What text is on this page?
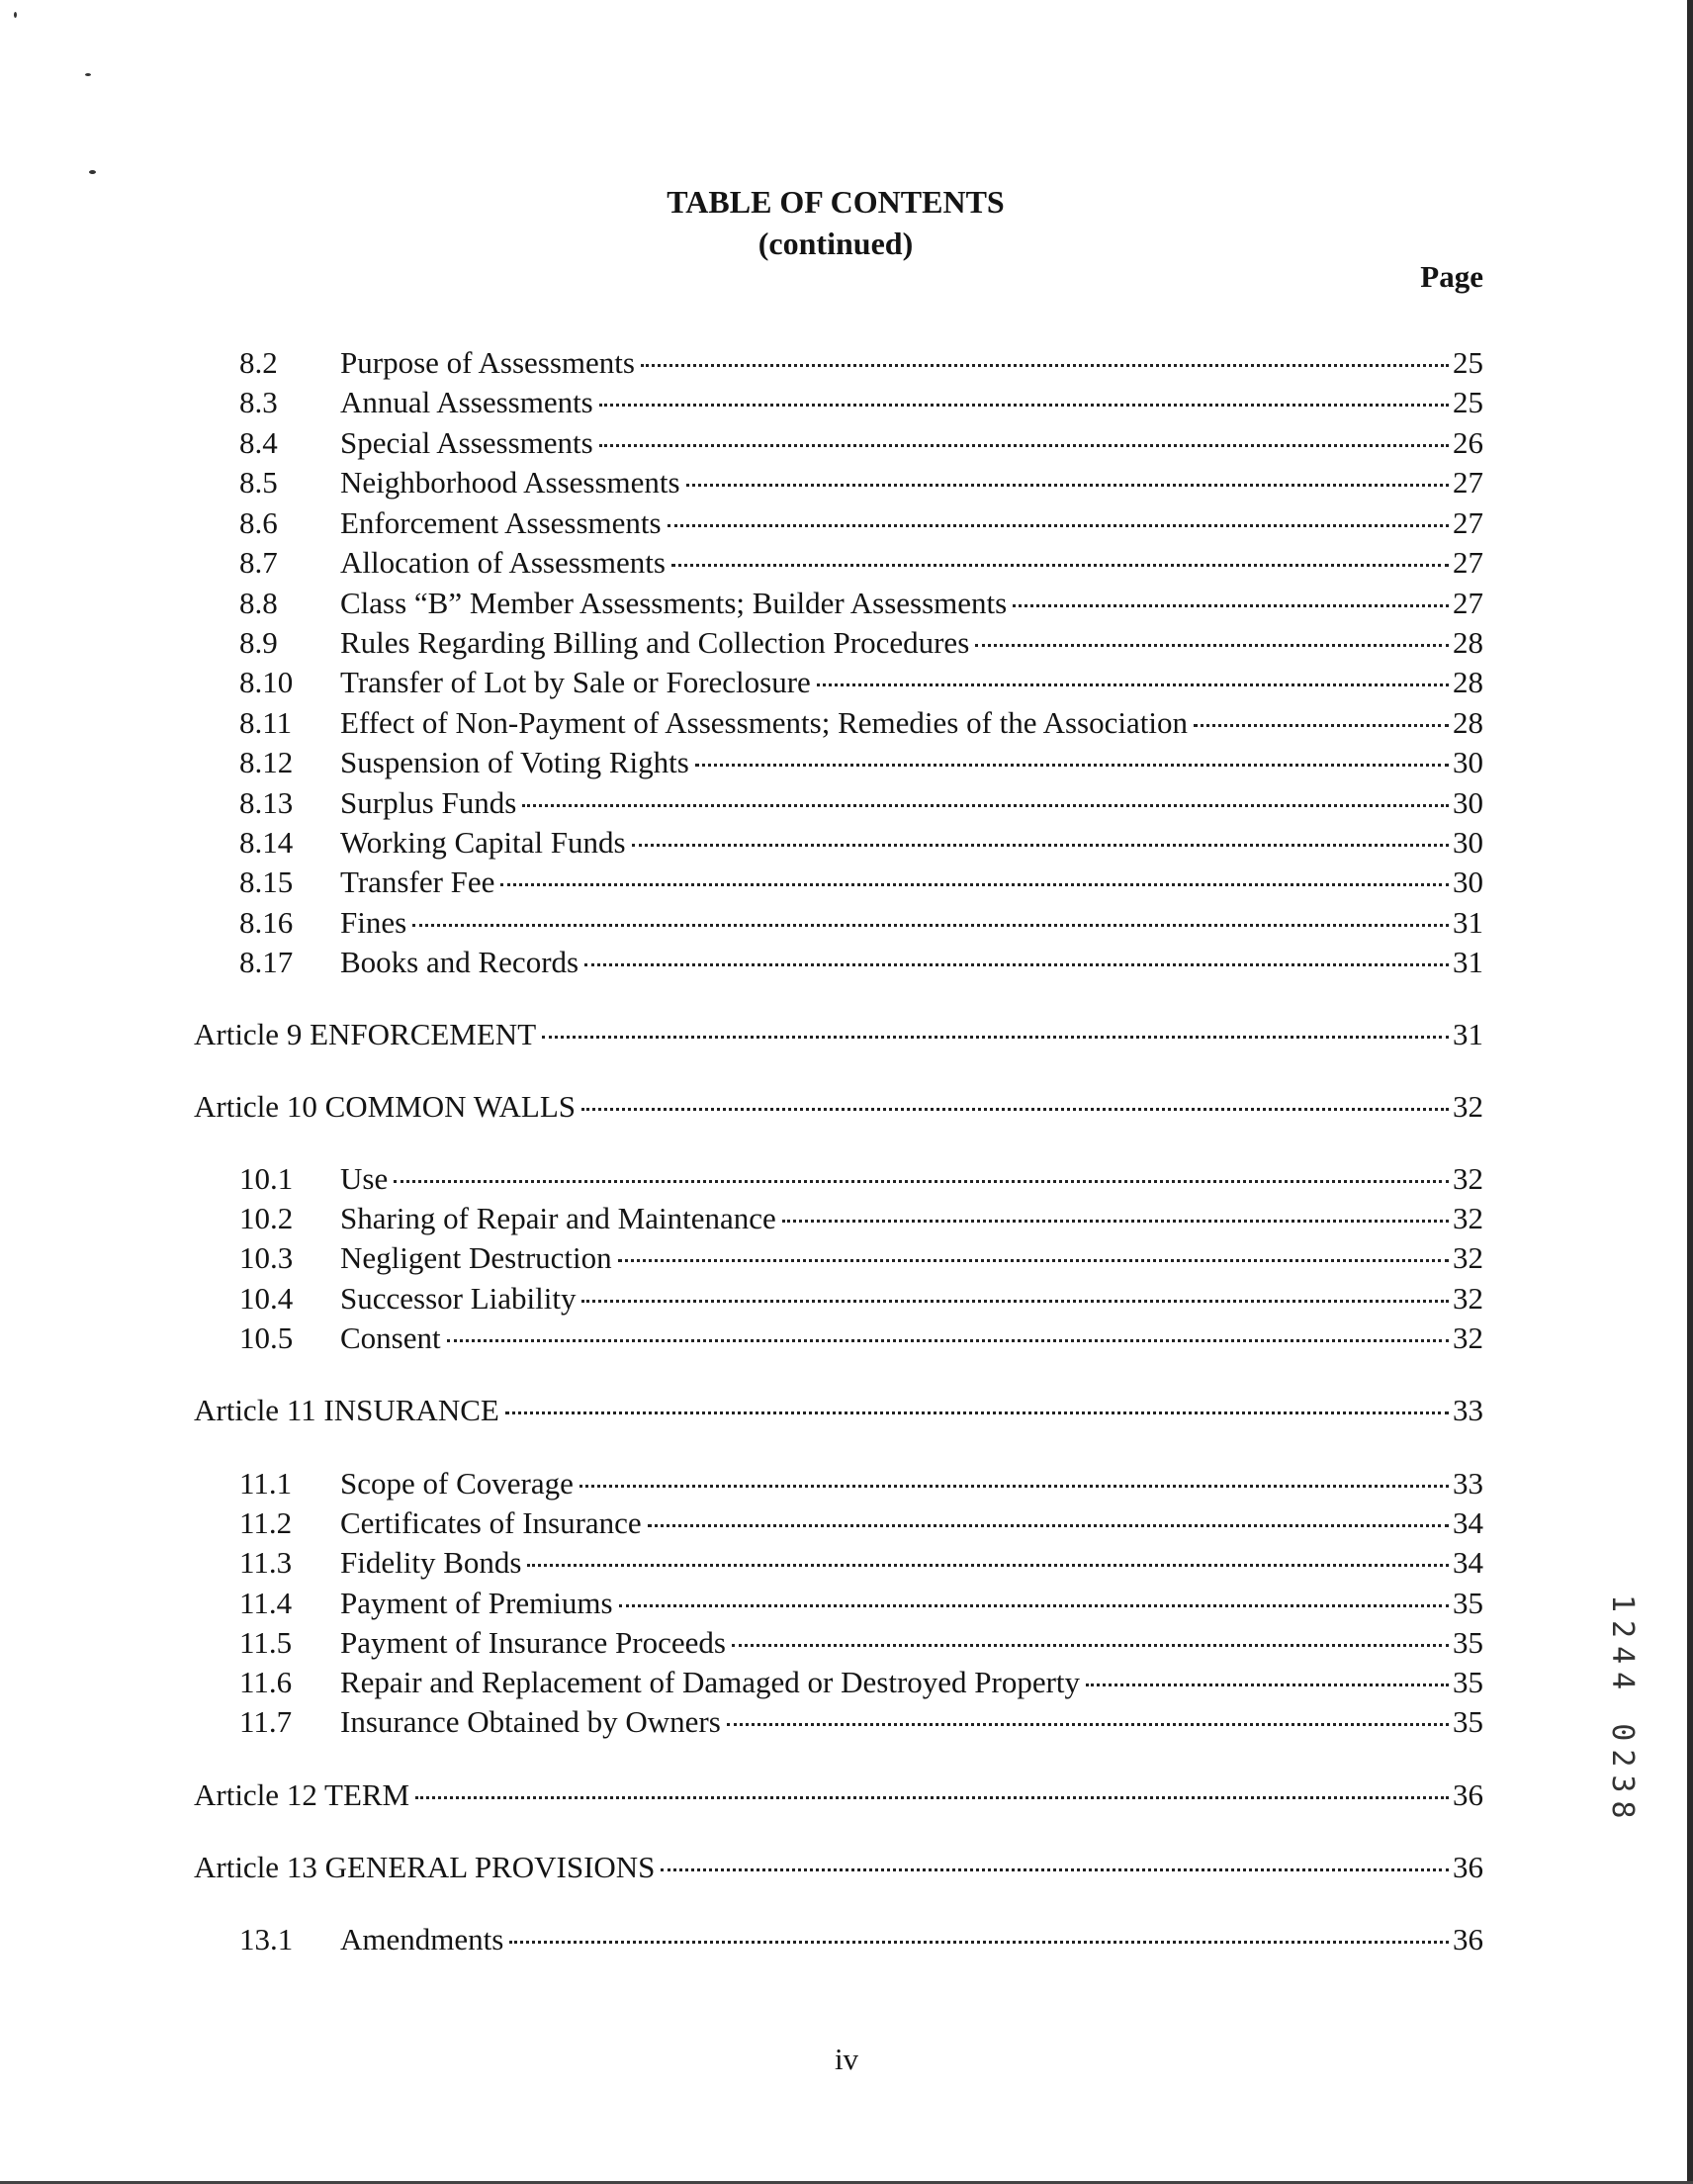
TABLE OF CONTENTS
(continued)
Page
8.2	Purpose of Assessments	25
8.3	Annual Assessments	25
8.4	Special Assessments	26
8.5	Neighborhood Assessments	27
8.6	Enforcement Assessments	27
8.7	Allocation of Assessments	27
8.8	Class “B” Member Assessments; Builder Assessments	27
8.9	Rules Regarding Billing and Collection Procedures	28
8.10	Transfer of Lot by Sale or Foreclosure	28
8.11	Effect of Non-Payment of Assessments; Remedies of the Association	28
8.12	Suspension of Voting Rights	30
8.13	Surplus Funds	30
8.14	Working Capital Funds	30
8.15	Transfer Fee	30
8.16	Fines	31
8.17	Books and Records	31
Article 9 ENFORCEMENT	31
Article 10 COMMON WALLS	32
10.1	Use	32
10.2	Sharing of Repair and Maintenance	32
10.3	Negligent Destruction	32
10.4	Successor Liability	32
10.5	Consent	32
Article 11 INSURANCE	33
11.1	Scope of Coverage	33
11.2	Certificates of Insurance	34
11.3	Fidelity Bonds	34
11.4	Payment of Premiums	35
11.5	Payment of Insurance Proceeds	35
11.6	Repair and Replacement of Damaged or Destroyed Property	35
11.7	Insurance Obtained by Owners	35
Article 12 TERM	36
Article 13 GENERAL PROVISIONS	36
13.1	Amendments	36
iv
1244 0238
